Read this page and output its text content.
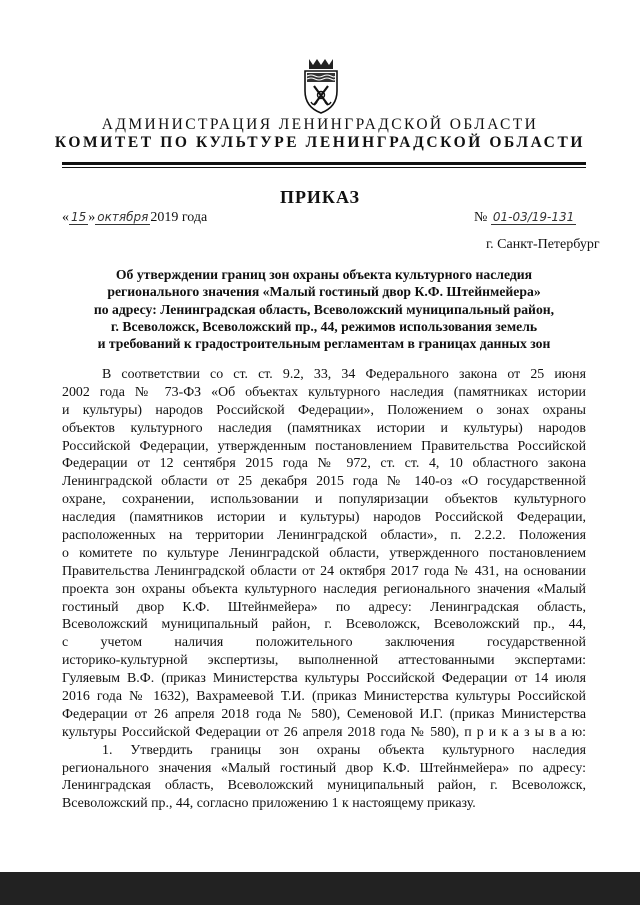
АДМИНИСТРАЦИЯ ЛЕНИНГРАДСКОЙ ОБЛАСТИ
КОМИТЕТ ПО КУЛЬТУРЕ ЛЕНИНГРАДСКОЙ ОБЛАСТИ
ПРИКАЗ
« 15 » октября 2019 года	№ 01-03/19-131
г. Санкт-Петербург
Об утверждении границ зон охраны объекта культурного наследия
регионального значения «Малый гостиный двор К.Ф. Штейнмейера»
по адресу: Ленинградская область, Всеволожский муниципальный район,
г. Всеволожск, Всеволожский пр., 44, режимов использования земель
и требований к градостроительным регламентам в границах данных зон
В соответствии со ст. ст. 9.2, 33, 34 Федерального закона от 25 июня
2002 года № 73-ФЗ «Об объектах культурного наследия (памятниках истории
и культуры) народов Российской Федерации», Положением о зонах охраны
объектов культурного наследия (памятниках истории и культуры) народов
Российской Федерации, утвержденным постановлением Правительства Российской
Федерации от 12 сентября 2015 года № 972, ст. ст. 4, 10 областного закона
Ленинградской области от 25 декабря 2015 года № 140-оз «О государственной
охране, сохранении, использовании и популяризации объектов культурного
наследия (памятников истории и культуры) народов Российской Федерации,
расположенных на территории Ленинградской области», п. 2.2.2. Положения
о комитете по культуре Ленинградской области, утвержденного постановлением
Правительства Ленинградской области от 24 октября 2017 года № 431, на основании
проекта зон охраны объекта культурного наследия регионального значения «Малый
гостиный двор К.Ф. Штейнмейера» по адресу: Ленинградская область,
Всеволожский муниципальный район, г. Всеволожск, Всеволожский пр., 44,
с учетом наличия положительного заключения государственной
историко-культурной экспертизы, выполненной аттестованными экспертами:
Гуляевым В.Ф. (приказ Министерства культуры Российской Федерации от 14 июля
2016 года № 1632), Вахрамеевой Т.И. (приказ Министерства культуры Российской
Федерации от 26 апреля 2018 года № 580), Семеновой И.Г. (приказ Министерства
культуры Российской Федерации от 26 апреля 2018 года № 580), п р и к а з ы в а ю:
1. Утвердить границы зон охраны объекта культурного наследия
регионального значения «Малый гостиный двор К.Ф. Штейнмейера» по адресу:
Ленинградская область, Всеволожский муниципальный район, г. Всеволожск,
Всеволожский пр., 44, согласно приложению 1 к настоящему приказу.
